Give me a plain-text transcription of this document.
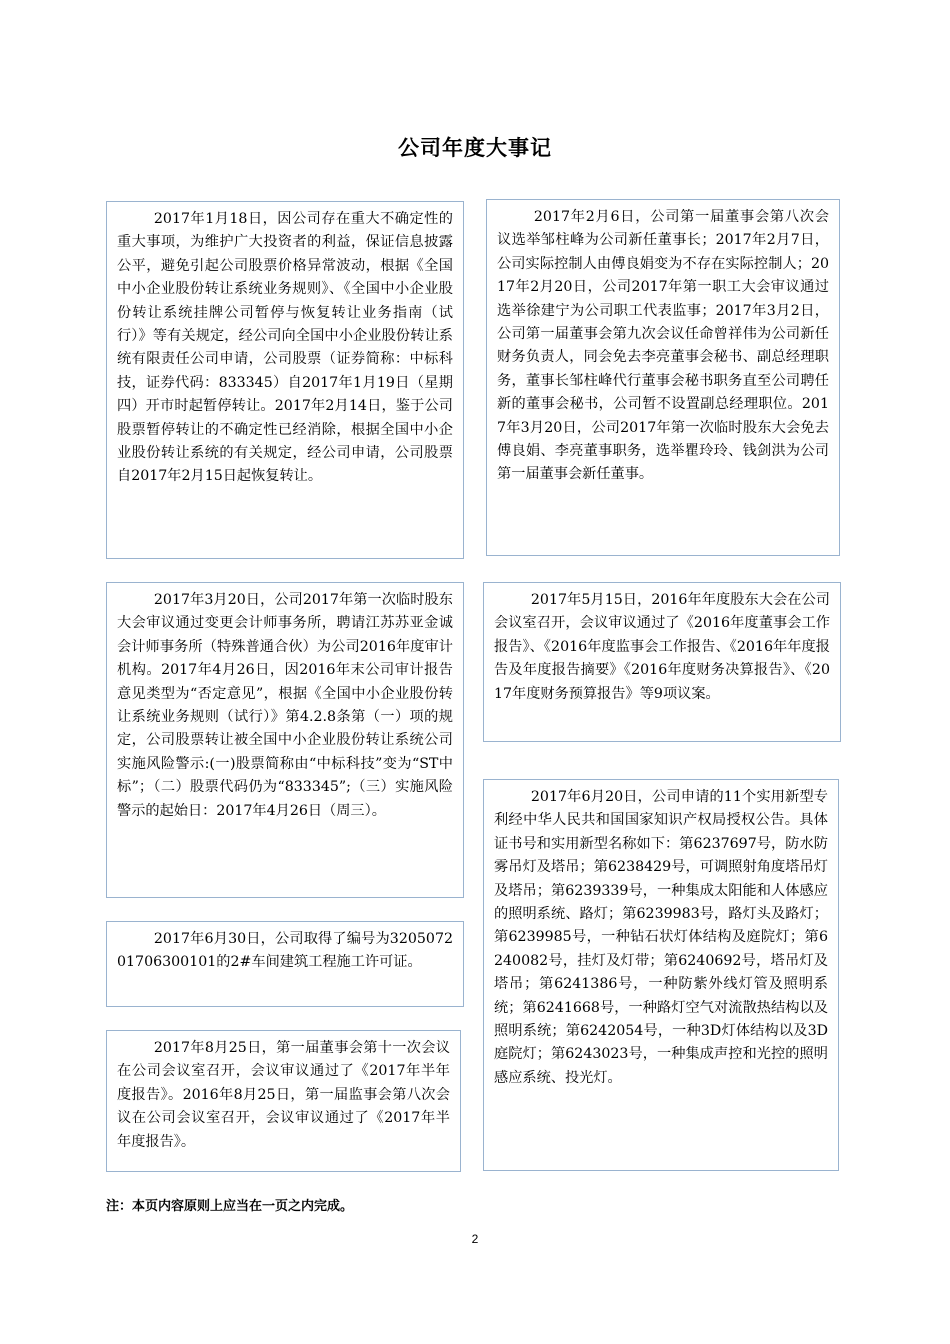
公司年度大事记
2017年1月18日，因公司存在重大不确定性的重大事项，为维护广大投资者的利益，保证信息披露公平，避免引起公司股票价格异常波动，根据《全国中小企业股份转让系统业务规则》、《全国中小企业股份转让系统挂牌公司暂停与恢复转让业务指南（试行）》等有关规定，经公司向全国中小企业股份转让系统有限责任公司申请，公司股票（证券简称：中标科技，证券代码：833345）自2017年1月19日（星期四）开市时起暂停转让。2017年2月14日，鉴于公司股票暂停转让的不确定性已经消除，根据全国中小企业股份转让系统的有关规定，经公司申请，公司股票自2017年2月15日起恢复转让。
2017年2月6日，公司第一届董事会第八次会议选举邹柱峰为公司新任董事长；2017年2月7日，公司实际控制人由傅良娟变为不存在实际控制人；2017年2月20日，公司2017年第一职工大会审议通过选举徐建宁为公司职工代表监事；2017年3月2日，公司第一届董事会第九次会议任命曾祥伟为公司新任财务负责人，同会免去李亮董事会秘书、副总经理职务，董事长邹柱峰代行董事会秘书职务直至公司聘任新的董事会秘书，公司暂不设置副总经理职位。2017年3月20日，公司2017年第一次临时股东大会免去傅良娟、李亮董事职务，选举瞿玲玲、钱剑洪为公司第一届董事会新任董事。
2017年3月20日，公司2017年第一次临时股东大会审议通过变更会计师事务所，聘请江苏苏亚金诚会计师事务所（特殊普通合伙）为公司2016年度审计机构。2017年4月26日，因2016年末公司审计报告意见类型为“否定意见”，根据《全国中小企业股份转让系统业务规则（试行）》第4.2.8条第（一）项的规定，公司股票转让被全国中小企业股份转让系统公司实施风险警示:(一)股票简称由“中标科技”变为“ST中标”；（二）股票代码仍为“833345”;（三）实施风险警示的起始日：2017年4月26日（周三）。
2017年5月15日，2016年年度股东大会在公司会议室召开，会议审议通过了《2016年度董事会工作报告》、《2016年度监事会工作报告、《2016年年度报告及年度报告摘要》《2016年度财务决算报告》、《2017年度财务预算报告》等9项议案。
2017年6月20日，公司申请的11个实用新型专利经中华人民共和国国家知识产权局授权公告。具体证书号和实用新型名称如下：第6237697号，防水防雾吊灯及塔吊；第6238429号，可调照射角度塔吊灯及塔吊；第6239339号，一种集成太阳能和人体感应的照明系统、路灯；第6239983号，路灯头及路灯；第6239985号，一种钻石状灯体结构及庭院灯；第6240082号，挂灯及灯带；第6240692号，塔吊灯及塔吊；第6241386号，一种防紫外线灯管及照明系统；第6241668号，一种路灯空气对流散热结构以及照明系统；第6242054号，一种3D灯体结构以及3D庭院灯；第6243023号，一种集成声控和光控的照明感应系统、投光灯。
2017年6月30日，公司取得了编号为320507201706300101的2#车间建筑工程施工许可证。
2017年8月25日，第一届董事会第十一次会议在公司会议室召开，会议审议通过了《2017年半年度报告》。2016年8月25日，第一届监事会第八次会议在公司会议室召开，会议审议通过了《2017年半年度报告》。
注：本页内容原则上应当在一页之内完成。
2
